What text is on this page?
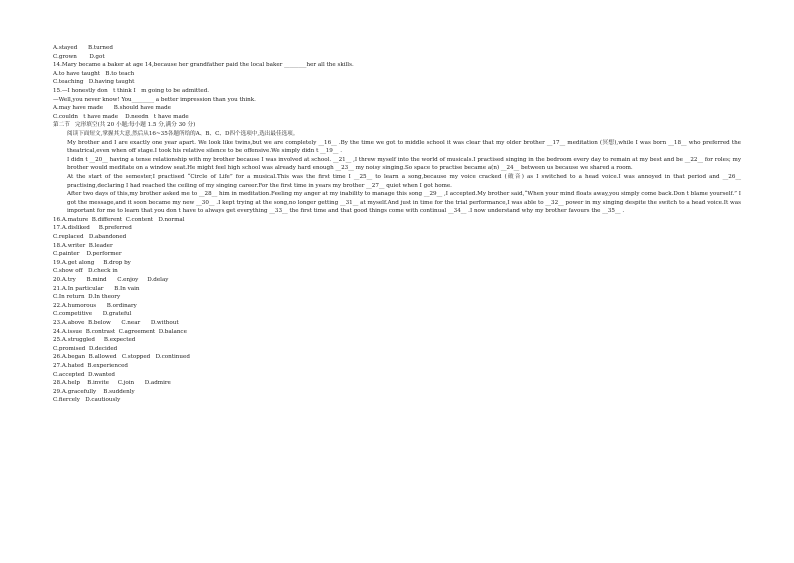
A.stayed      B.turned
C.grown       D.got
14.Mary became a baker at age 14,because her grandfather paid the local baker ________her all the skills.
A.to have taught   B.to teach
C.teaching   D.having taught
15.—I honestly don   t think I   m going to be admitted.
—Well,you never know! You________ a better impression than you think.
A.may have made      B.should have made
C.couldn   t have made    D.needn   t have made
第二节   完形填空(共 20 小题;每小题 1.5 分,满分 30 分)
阅读下面短文,掌握其大意,然后从16~35各题所给的A、B、C、D四个选项中,选出最佳选项。
My brother and I are exactly one year apart. We look like twins,but we are completely __16__ .By the time we got to middle school it was clear that my older brother __17__ meditation (冥想),while I was born __18__ who preferred the theatrical,even when off stage.I took his relative silence to be offensive.We simply didn t __19__ .
I didn t __20__ having a tense relationship with my brother because I was involved at school. __21__ ,I threw myself into the world of musicals.I practised singing in the bedroom every day to remain at my best and be __22__ for roles; my brother would meditate on a window seat.He might feel high school was already hard enough __23__ my noisy singing.So space to practise became a(n) __24__ between us because we shared a room.
At the start of the semester,I practised “Circle of Life” for a musical.This was the first time I __25__ to learn a song,because my voice cracked (破音) as I switched to a head voice.I was annoyed in that period and __26__ practising,declaring I had reached the ceiling of my singing career.For the first time in years my brother __27__ quiet when I got home.
After two days of this,my brother asked me to __28__ him in meditation.Feeling my anger at my inability to manage this song __29__ ,I accepted.My brother said,“When your mind floats away,you simply come back.Don t blame yourself.” I got the message,and it soon became my new __30__ .I kept trying at the song,no longer getting __31__ at myself.And just in time for the trial performance,I was able to __32__ power in my singing despite the switch to a head voice.It was important for me to learn that you don t have to always get everything __33__ the first time and that good things come with continual __34__ .I now understand why my brother favours the __35__ .
16.A.mature  B.different  C.content   D.normal
17.A.disliked     B.preferred
C.replaced   D.abandoned
18.A.writer  B.leader
C.painter    D.performer
19.A.get along     B.drop by
C.show off   D.check in
20.A.try      B.mind      C.enjoy     D.delay
21.A.In particular      B.In vain
C.In return  D.In theory
22.A.humorous      B.ordinary
C.competitive      D.grateful
23.A.above  B.below      C.near      D.without
24.A.issue  B.contrast  C.agreement  D.balance
25.A.struggled     B.expected
C.promised  D.decided
26.A.began  B.allowed   C.stopped   D.continued
27.A.hated  B.experienced
C.accepted  D.wanted
28.A.help    B.invite     C.join      D.admire
29.A.gracefully    B.suddenly
C.fiercely   D.cautiously
